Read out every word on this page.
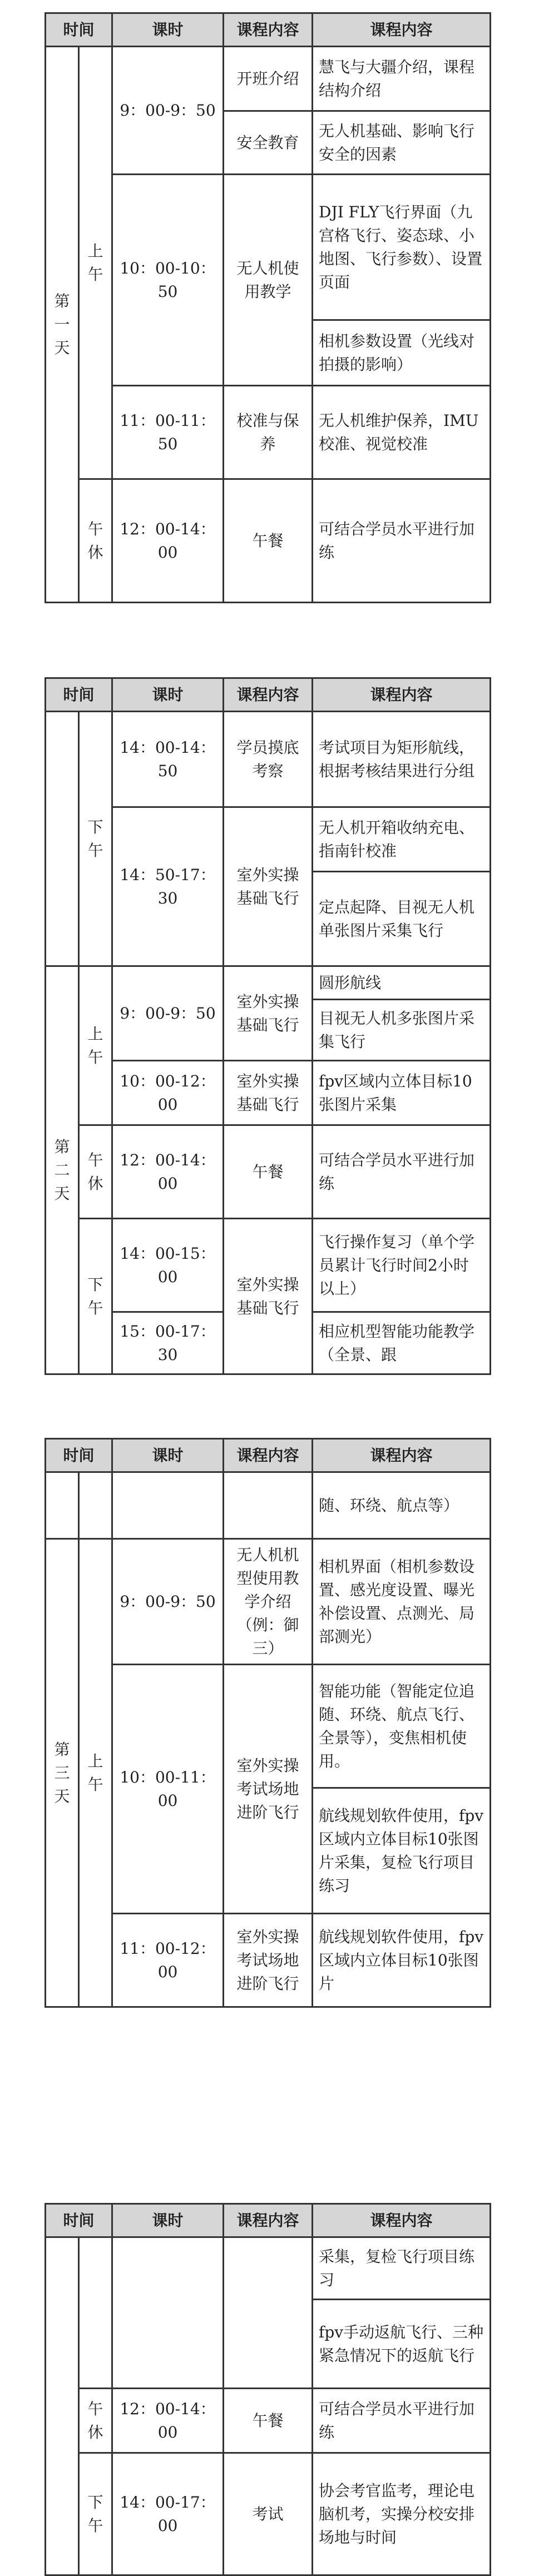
时间		课时	课程内容	课程内容
第一天	上午	9：00-9：50	开班介绍	慧飞与大疆介绍，课程结构介绍
			安全教育	无人机基础、影响飞行安全的因素
		10：00-10：50	无人机使用教学	DJI FLY飞行界面（九宫格飞行、姿态球、小地图、飞行参数）、设置页面
				相机参数设置（光线对拍摄的影响）
		11：00-11：50	校准与保养	无人机维护保养，IMU校准、视觉校准
	午休	12：00-14：00	午餐	可结合学员水平进行加练
时间		课时	课程内容	课程内容
	下午	14：00-14：50	学员摸底考察	考试项目为矩形航线，根据考核结果进行分组
		14：50-17：30	室外实操基础飞行	无人机开箱收纳充电、指南针校准
				定点起降、目视无人机单张图片采集飞行
第二天	上午	9：00-9：50	室外实操基础飞行	圆形航线
				目视无人机多张图片采集飞行
		10：00-12：00	室外实操基础飞行	fpv区域内立体目标10张图片采集
	午休	12：00-14：00	午餐	可结合学员水平进行加练
	下午	14：00-15：00	室外实操基础飞行	飞行操作复习（单个学员累计飞行时间2小时以上）
		15：00-17：30		相应机型智能功能教学（全景、跟
时间		课时	课程内容	课程内容
				随、环绕、航点等）
第三天	上午	9：00-9：50	无人机机型使用教学介绍（例：御三）	相机界面（相机参数设置、感光度设置、曝光补偿设置、点测光、局部测光）
		10：00-11：00	室外实操考试场地进阶飞行	智能功能（智能定位追随、环绕、航点飞行、全景等），变焦相机使用。
				航线规划软件使用，fpv区域内立体目标10张图片采集，复检飞行项目练习
		11：00-12：00	室外实操考试场地进阶飞行	航线规划软件使用，fpv区域内立体目标10张图片
时间		课时	课程内容	课程内容
				采集，复检飞行项目练习
				fpv手动返航飞行、三种紧急情况下的返航飞行
	午休	12：00-14：00	午餐	可结合学员水平进行加练
	下午	14：00-17：00	考试	协会考官监考，理论电脑机考，实操分校安排场地与时间
